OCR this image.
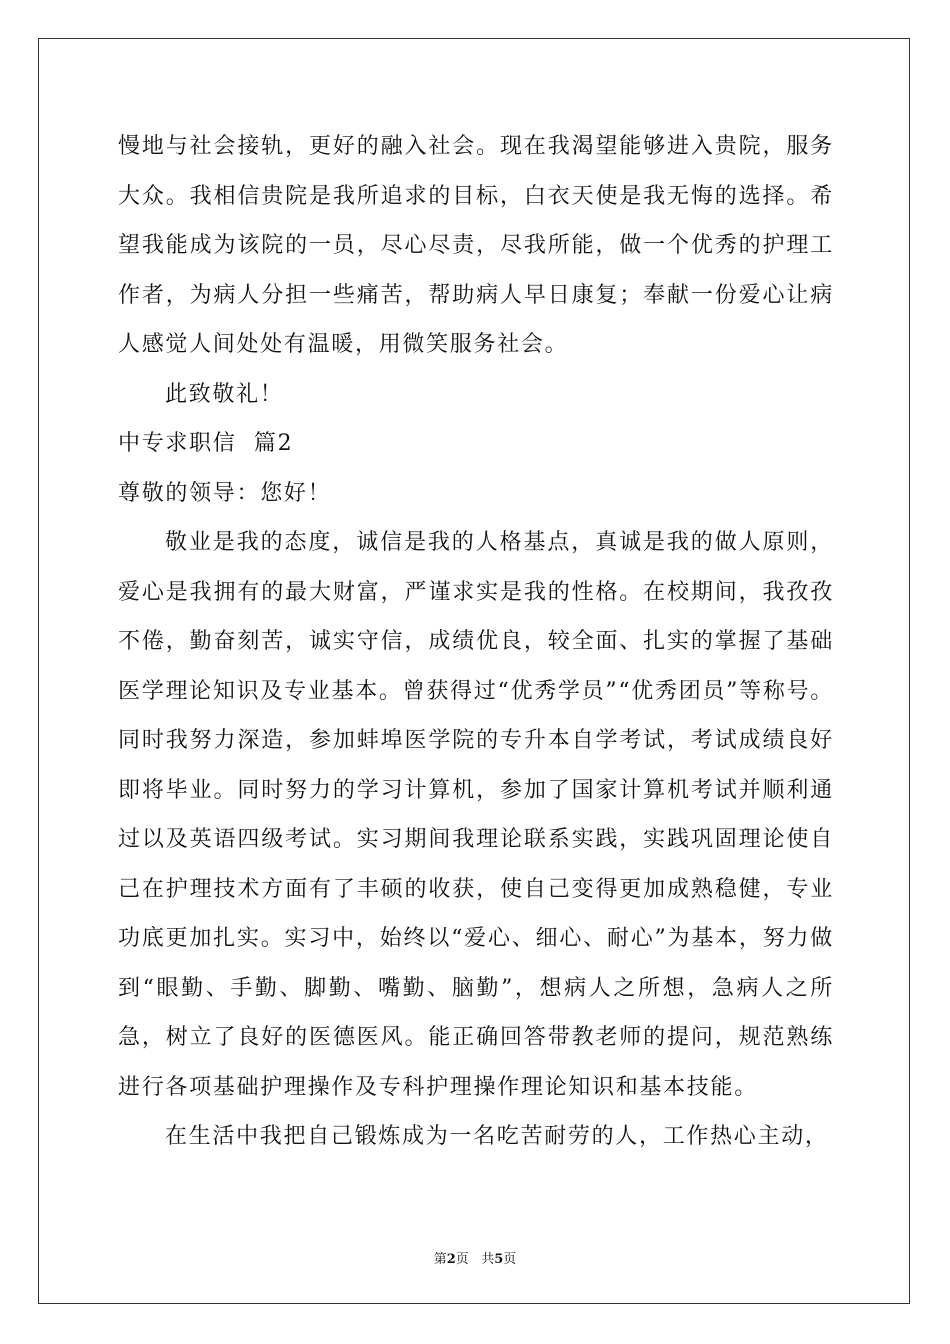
慢地与社会接轨，更好的融入社会。现在我渴望能够进入贵院，服务大众。我相信贵院是我所追求的目标，白衣天使是我无悔的选择。希望我能成为该院的一员，尽心尽责，尽我所能，做一个优秀的护理工作者，为病人分担一些痛苦，帮助病人早日康复；奉献一份爱心让病人感觉人间处处有温暖，用微笑服务社会。

此致敬礼！

中专求职信  篇2

尊敬的领导：您好！

敬业是我的态度，诚信是我的人格基点，真诚是我的做人原则，爱心是我拥有的最大财富，严谨求实是我的性格。在校期间，我孜孜不倦，勤奋刻苦，诚实守信，成绩优良，较全面、扎实的掌握了基础医学理论知识及专业基本。曾获得过“优秀学员”“优秀团员”等称号。同时我努力深造，参加蚌埠医学院的专升本自学考试，考试成绩良好即将毕业。同时努力的学习计算机，参加了国家计算机考试并顺利通过以及英语四级考试。实习期间我理论联系实践，实践巩固理论使自己在护理技术方面有了丰硕的收获，使自己变得更加成熟稳健，专业功底更加扎实。实习中，始终以“爱心、细心、耐心”为基本，努力做到“眼勤、手勤、脚勤、嘴勤、脑勤”，想病人之所想，急病人之所急，树立了良好的医德医风。能正确回答带教老师的提问，规范熟练进行各项基础护理操作及专科护理操作理论知识和基本技能。

在生活中我把自己锻炼成为一名吃苦耐劳的人，工作热心主动，

第2页 共5页
